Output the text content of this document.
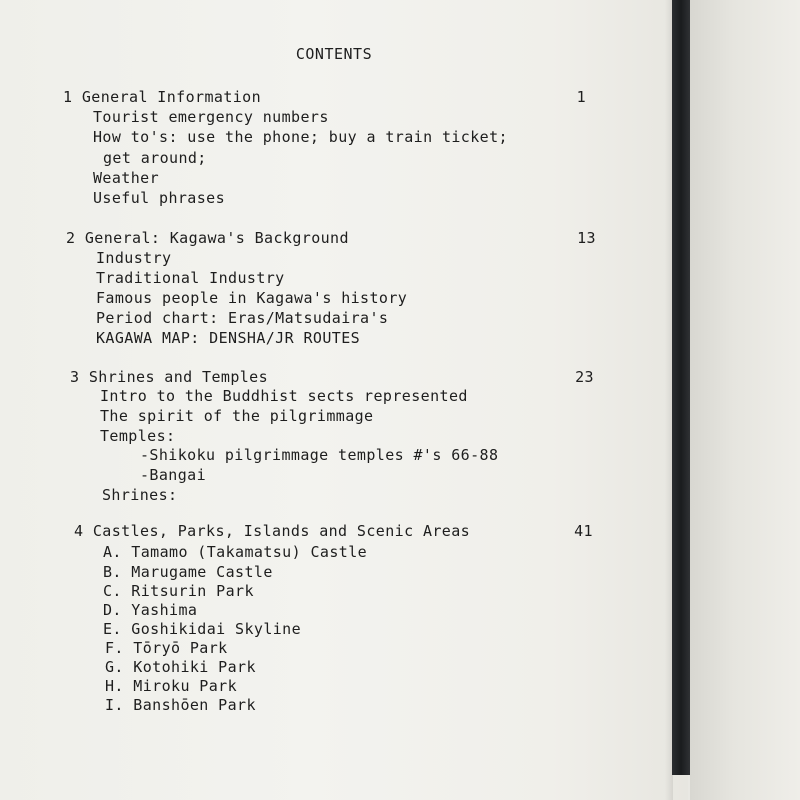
CONTENTS
1 General Information	1
Tourist emergency numbers
How to's: use the phone; buy a train ticket;
get around;
Weather
Useful phrases
2 General: Kagawa's Background	13
Industry
Traditional Industry
Famous people in Kagawa's history
Period chart: Eras/Matsudaira's
KAGAWA MAP: DENSHA/JR ROUTES
3 Shrines and Temples	23
Intro to the Buddhist sects represented
The spirit of the pilgrimmage
Temples:
-Shikoku pilgrimmage temples #'s 66-88
-Bangai
Shrines:
4 Castles, Parks, Islands and Scenic Areas	41
A. Tamamo (Takamatsu) Castle
B. Marugame Castle
C. Ritsurin Park
D. Yashima
E. Goshikidai Skyline
F. Tōryō Park
G. Kotohiki Park
H. Miroku Park
I. Banshōen Park
